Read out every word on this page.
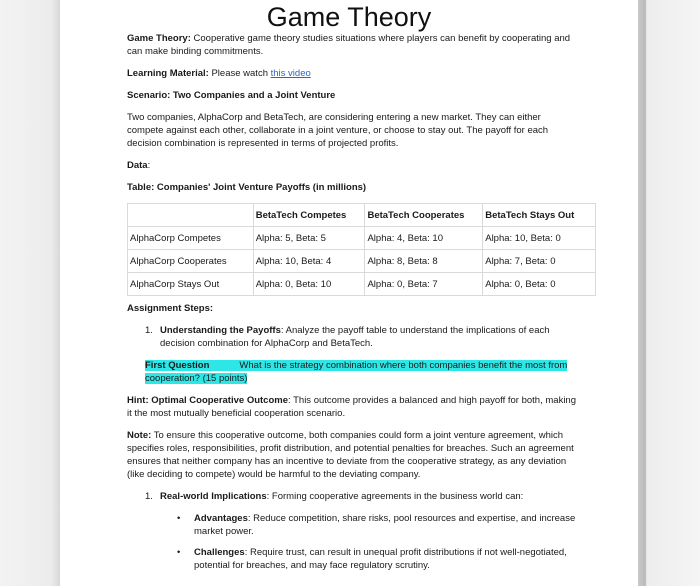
Game Theory

Game Theory: Cooperative game theory studies situations where players can benefit by cooperating and can make binding commitments.

Learning Material: Please watch this video

Scenario: Two Companies and a Joint Venture

Two companies, AlphaCorp and BetaTech, are considering entering a new market. They can either compete against each other, collaborate in a joint venture, or choose to stay out. The payoff for each decision combination is represented in terms of projected profits.

Data:

Table: Companies' Joint Venture Payoffs (in millions)

	BetaTech Competes	BetaTech Cooperates	BetaTech Stays Out
AlphaCorp Competes	Alpha: 5, Beta: 5	Alpha: 4, Beta: 10	Alpha: 10, Beta: 0
AlphaCorp Cooperates	Alpha: 10, Beta: 4	Alpha: 8, Beta: 8	Alpha: 7, Beta: 0
AlphaCorp Stays Out	Alpha: 0, Beta: 10	Alpha: 0, Beta: 7	Alpha: 0, Beta: 0

Assignment Steps:

1. Understanding the Payoffs: Analyze the payoff table to understand the implications of each decision combination for AlphaCorp and BetaTech.
First Question	What is the strategy combination where both companies benefit the most from cooperation? (15 points)

Hint: Optimal Cooperative Outcome: This outcome provides a balanced and high payoff for both, making it the most mutually beneficial cooperation scenario.

Note: To ensure this cooperative outcome, both companies could form a joint venture agreement, which specifies roles, responsibilities, profit distribution, and potential penalties for breaches. Such an agreement ensures that neither company has an incentive to deviate from the cooperative strategy, as any deviation (like deciding to compete) would be harmful to the deviating company.

1. Real-world Implications: Forming cooperative agreements in the business world can:
• Advantages: Reduce competition, share risks, pool resources and expertise, and increase market power.
• Challenges: Require trust, can result in unequal profit distributions if not well-negotiated, potential for breaches, and may face regulatory scrutiny.
